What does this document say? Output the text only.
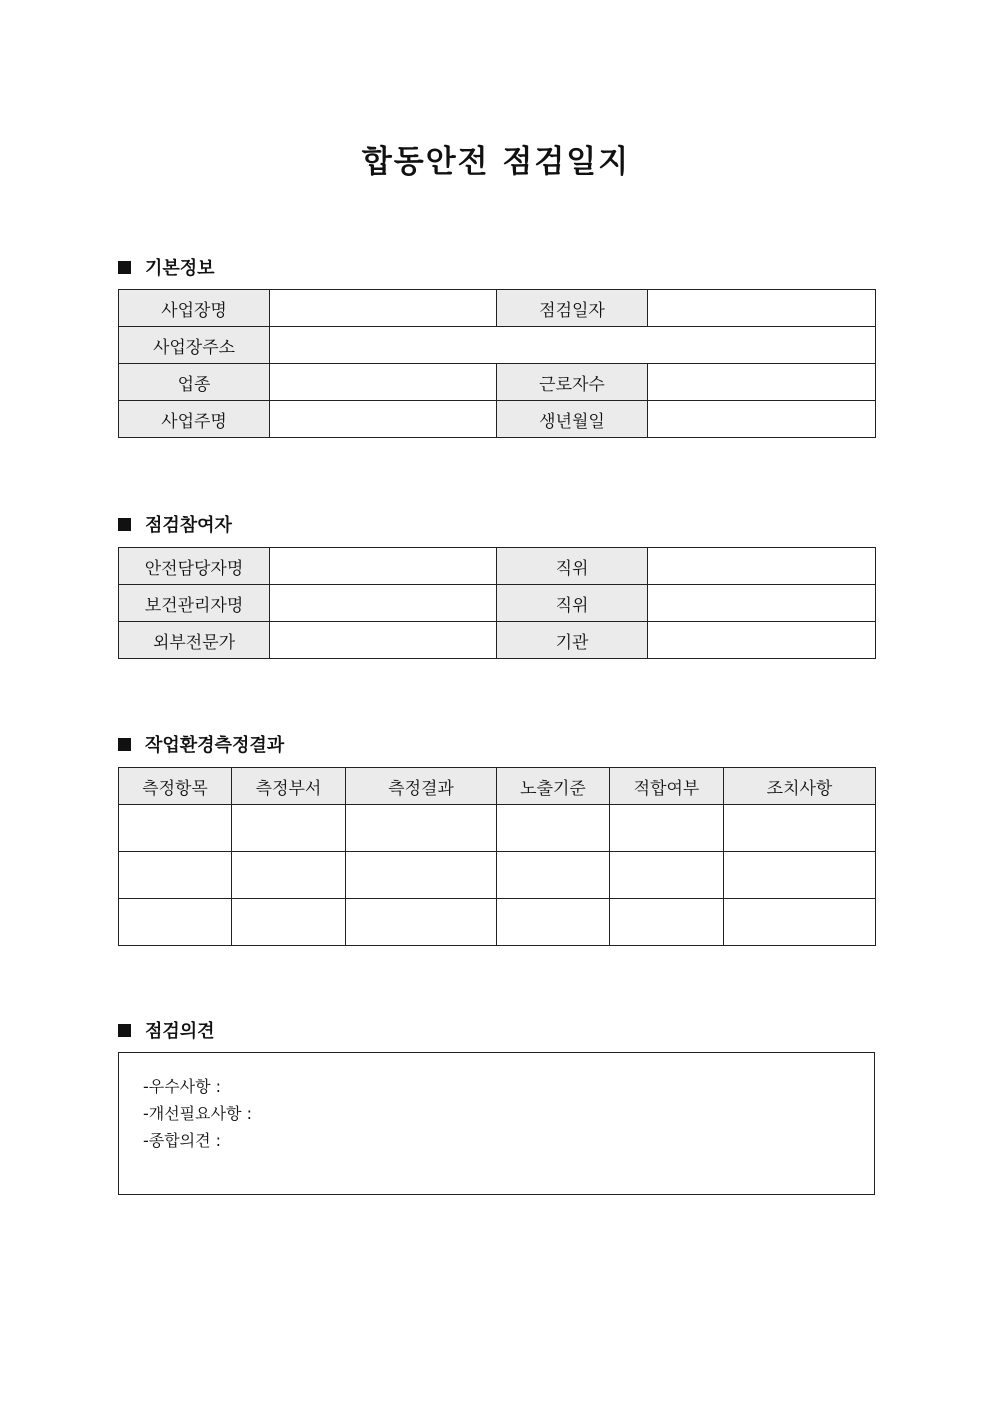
합동안전 점검일지
기본정보
사업장명		점검일자	
사업장주소			
업종		근로자수	
사업주명		생년월일	
점검참여자
안전담당자명		직위	
보건관리자명		직위	
외부전문가		기관	
작업환경측정결과
측정항목	측정부서	측정결과	노출기준	적합여부	조치사항

점검의견
-우수사항 :
-개선필요사항 :
-종합의견 :
